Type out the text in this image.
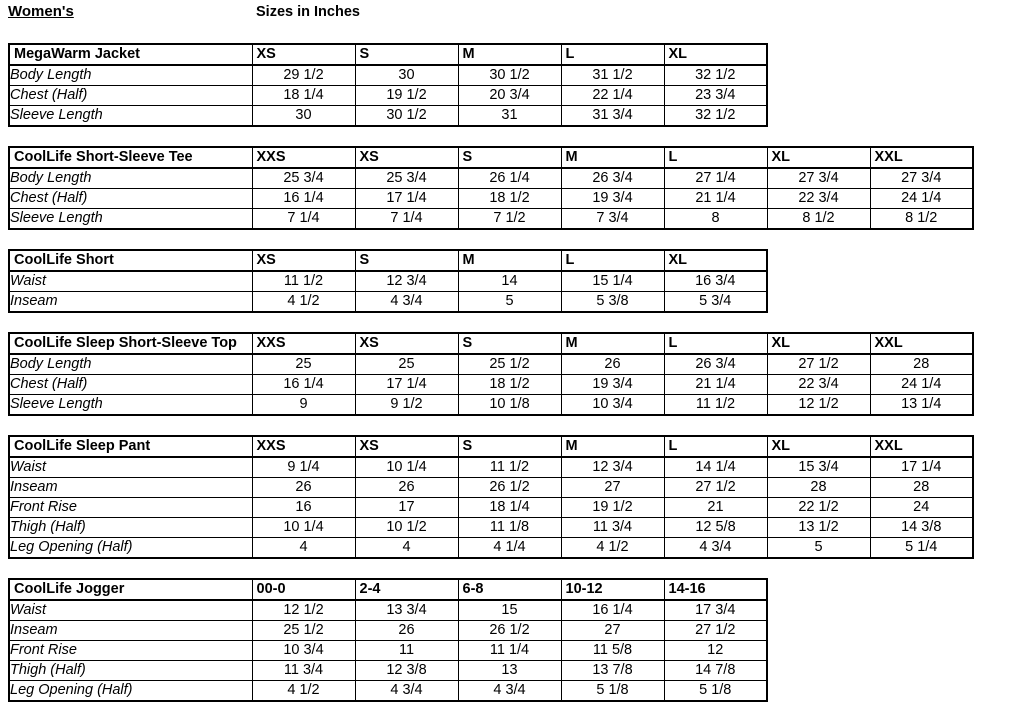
Women's	Sizes in Inches
MegaWarm Jacket	XS	S	M	L	XL
Body Length	29 1/2	30	30 1/2	31 1/2	32 1/2
Chest (Half)	18 1/4	19 1/2	20 3/4	22 1/4	23 3/4
Sleeve Length	30	30 1/2	31	31 3/4	32 1/2
CoolLife Short-Sleeve Tee	XXS	XS	S	M	L	XL	XXL
Body Length	25 3/4	25 3/4	26 1/4	26 3/4	27 1/4	27 3/4	27 3/4
Chest (Half)	16 1/4	17 1/4	18 1/2	19 3/4	21 1/4	22 3/4	24 1/4
Sleeve Length	7 1/4	7 1/4	7 1/2	7 3/4	8	8 1/2	8 1/2
CoolLife Short	XS	S	M	L	XL
Waist	11 1/2	12 3/4	14	15 1/4	16 3/4
Inseam	4 1/2	4 3/4	5	5 3/8	5 3/4
CoolLife Sleep Short-Sleeve Top	XXS	XS	S	M	L	XL	XXL
Body Length	25	25	25 1/2	26	26 3/4	27 1/2	28
Chest (Half)	16 1/4	17 1/4	18 1/2	19 3/4	21 1/4	22 3/4	24 1/4
Sleeve Length	9	9 1/2	10 1/8	10 3/4	11 1/2	12 1/2	13 1/4
CoolLife Sleep Pant	XXS	XS	S	M	L	XL	XXL
Waist	9 1/4	10 1/4	11 1/2	12 3/4	14 1/4	15 3/4	17 1/4
Inseam	26	26	26 1/2	27	27 1/2	28	28
Front Rise	16	17	18 1/4	19 1/2	21	22 1/2	24
Thigh (Half)	10 1/4	10 1/2	11 1/8	11 3/4	12 5/8	13 1/2	14 3/8
Leg Opening (Half)	4	4	4 1/4	4 1/2	4 3/4	5	5 1/4
CoolLife Jogger	00-0	2-4	6-8	10-12	14-16
Waist	12 1/2	13 3/4	15	16 1/4	17 3/4
Inseam	25 1/2	26	26 1/2	27	27 1/2
Front Rise	10 3/4	11	11 1/4	11 5/8	12
Thigh (Half)	11 3/4	12 3/8	13	13 7/8	14 7/8
Leg Opening (Half)	4 1/2	4 3/4	4 3/4	5 1/8	5 1/8
